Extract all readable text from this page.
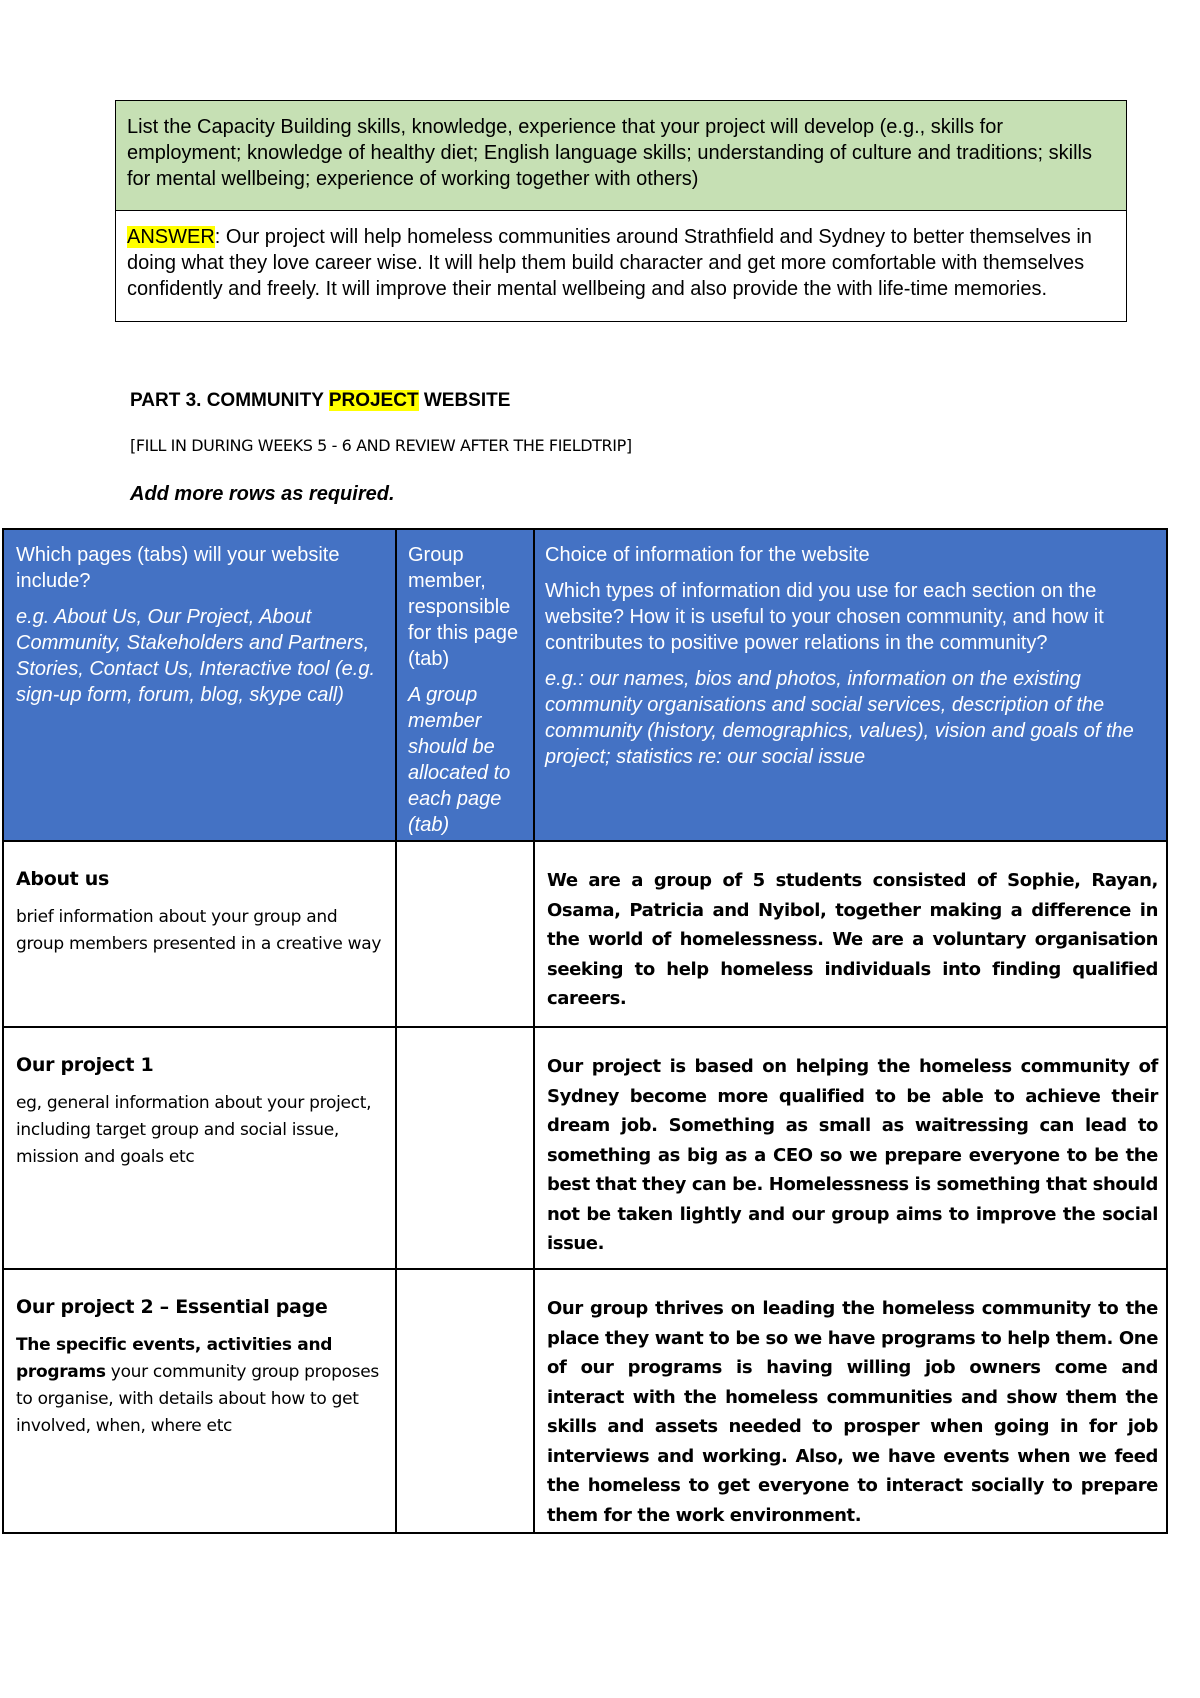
List the Capacity Building skills, knowledge, experience that your project will develop (e.g., skills for employment; knowledge of healthy diet; English language skills; understanding of culture and traditions; skills for mental wellbeing; experience of working together with others)
ANSWER: Our project will help homeless communities around Strathfield and Sydney to better themselves in doing what they love career wise. It will help them build character and get more comfortable with themselves confidently and freely. It will improve their mental wellbeing and also provide the with life-time memories.
PART 3. COMMUNITY PROJECT WEBSITE
[FILL IN DURING WEEKS 5 - 6 AND REVIEW AFTER THE FIELDTRIP]
Add more rows as required.
Which pages (tabs) will your website include?
e.g. About Us, Our Project, About Community, Stakeholders and Partners, Stories, Contact Us, Interactive tool (e.g. sign-up form, forum, blog, skype call)
Group member, responsible for this page (tab)
A group member should be allocated to each page (tab)
Choice of information for the website
Which types of information did you use for each section on the website? How it is useful to your chosen community, and how it contributes to positive power relations in the community?
e.g.: our names, bios and photos, information on the existing community organisations and social services, description of the community (history, demographics, values), vision and goals of the project; statistics re: our social issue
About us
brief information about your group and group members presented in a creative way
We are a group of 5 students consisted of Sophie, Rayan, Osama, Patricia and Nyibol, together making a difference in the world of homelessness. We are a voluntary organisation seeking to help homeless individuals into finding qualified careers.
Our project 1
eg, general information about your project, including target group and social issue, mission and goals etc
Our project is based on helping the homeless community of Sydney become more qualified to be able to achieve their dream job. Something as small as waitressing can lead to something as big as a CEO so we prepare everyone to be the best that they can be. Homelessness is something that should not be taken lightly and our group aims to improve the social issue.
Our project 2 – Essential page
The specific events, activities and programs your community group proposes to organise, with details about how to get involved, when, where etc
Our group thrives on leading the homeless community to the place they want to be so we have programs to help them. One of our programs is having willing job owners come and interact with the homeless communities and show them the skills and assets needed to prosper when going in for job interviews and working. Also, we have events when we feed the homeless to get everyone to interact socially to prepare them for the work environment.
